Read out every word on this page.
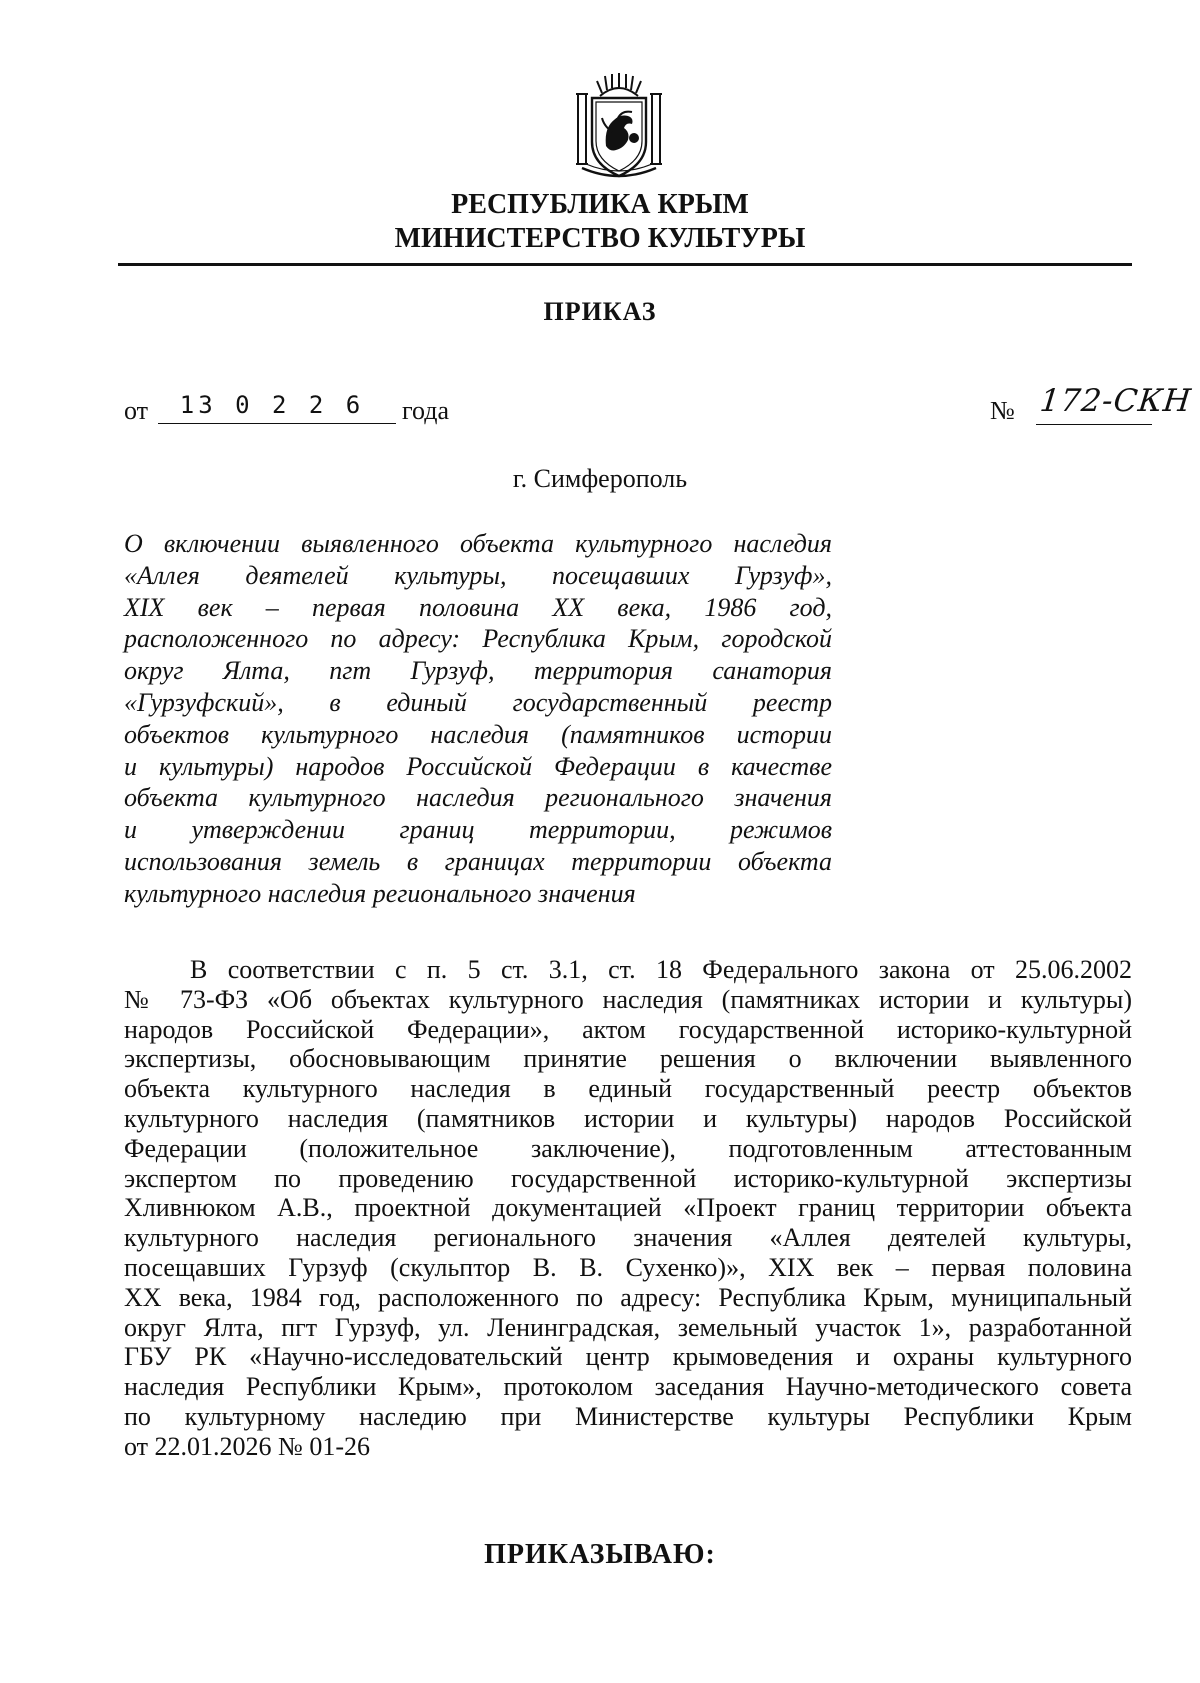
РЕСПУБЛИКА КРЫМ
МИНИСТЕРСТВО КУЛЬТУРЫ
ПРИКАЗ
от	13 0 2 2 6 года	№ 172-СКН
г. Симферополь
О включении выявленного объекта культурного наследия
«Аллея деятелей культуры, посещавших Гурзуф»,
XIX век – первая половина XX века, 1986 год,
расположенного по адресу: Республика Крым, городской
округ Ялта, пгт Гурзуф, территория санатория
«Гурзуфский», в единый государственный реестр
объектов культурного наследия (памятников истории
и культуры) народов Российской Федерации в качестве
объекта культурного наследия регионального значения
и утверждении границ территории, режимов
использования земель в границах территории объекта
культурного наследия регионального значения
В соответствии с п. 5 ст. 3.1, ст. 18 Федерального закона от 25.06.2002
№ 73-ФЗ «Об объектах культурного наследия (памятниках истории и культуры)
народов Российской Федерации», актом государственной историко-культурной
экспертизы, обосновывающим принятие решения о включении выявленного
объекта культурного наследия в единый государственный реестр объектов
культурного наследия (памятников истории и культуры) народов Российской
Федерации (положительное заключение), подготовленным аттестованным
экспертом по проведению государственной историко-культурной экспертизы
Хливнюком А.В., проектной документацией «Проект границ территории объекта
культурного наследия регионального значения «Аллея деятелей культуры,
посещавших Гурзуф (скульптор В. В. Сухенко)», XIX век – первая половина
XX века, 1984 год, расположенного по адресу: Республика Крым, муниципальный
округ Ялта, пгт Гурзуф, ул. Ленинградская, земельный участок 1», разработанной
ГБУ РК «Научно-исследовательский центр крымоведения и охраны культурного
наследия Республики Крым», протоколом заседания Научно-методического совета
по культурному наследию при Министерстве культуры Республики Крым
от 22.01.2026 № 01-26
ПРИКАЗЫВАЮ:
